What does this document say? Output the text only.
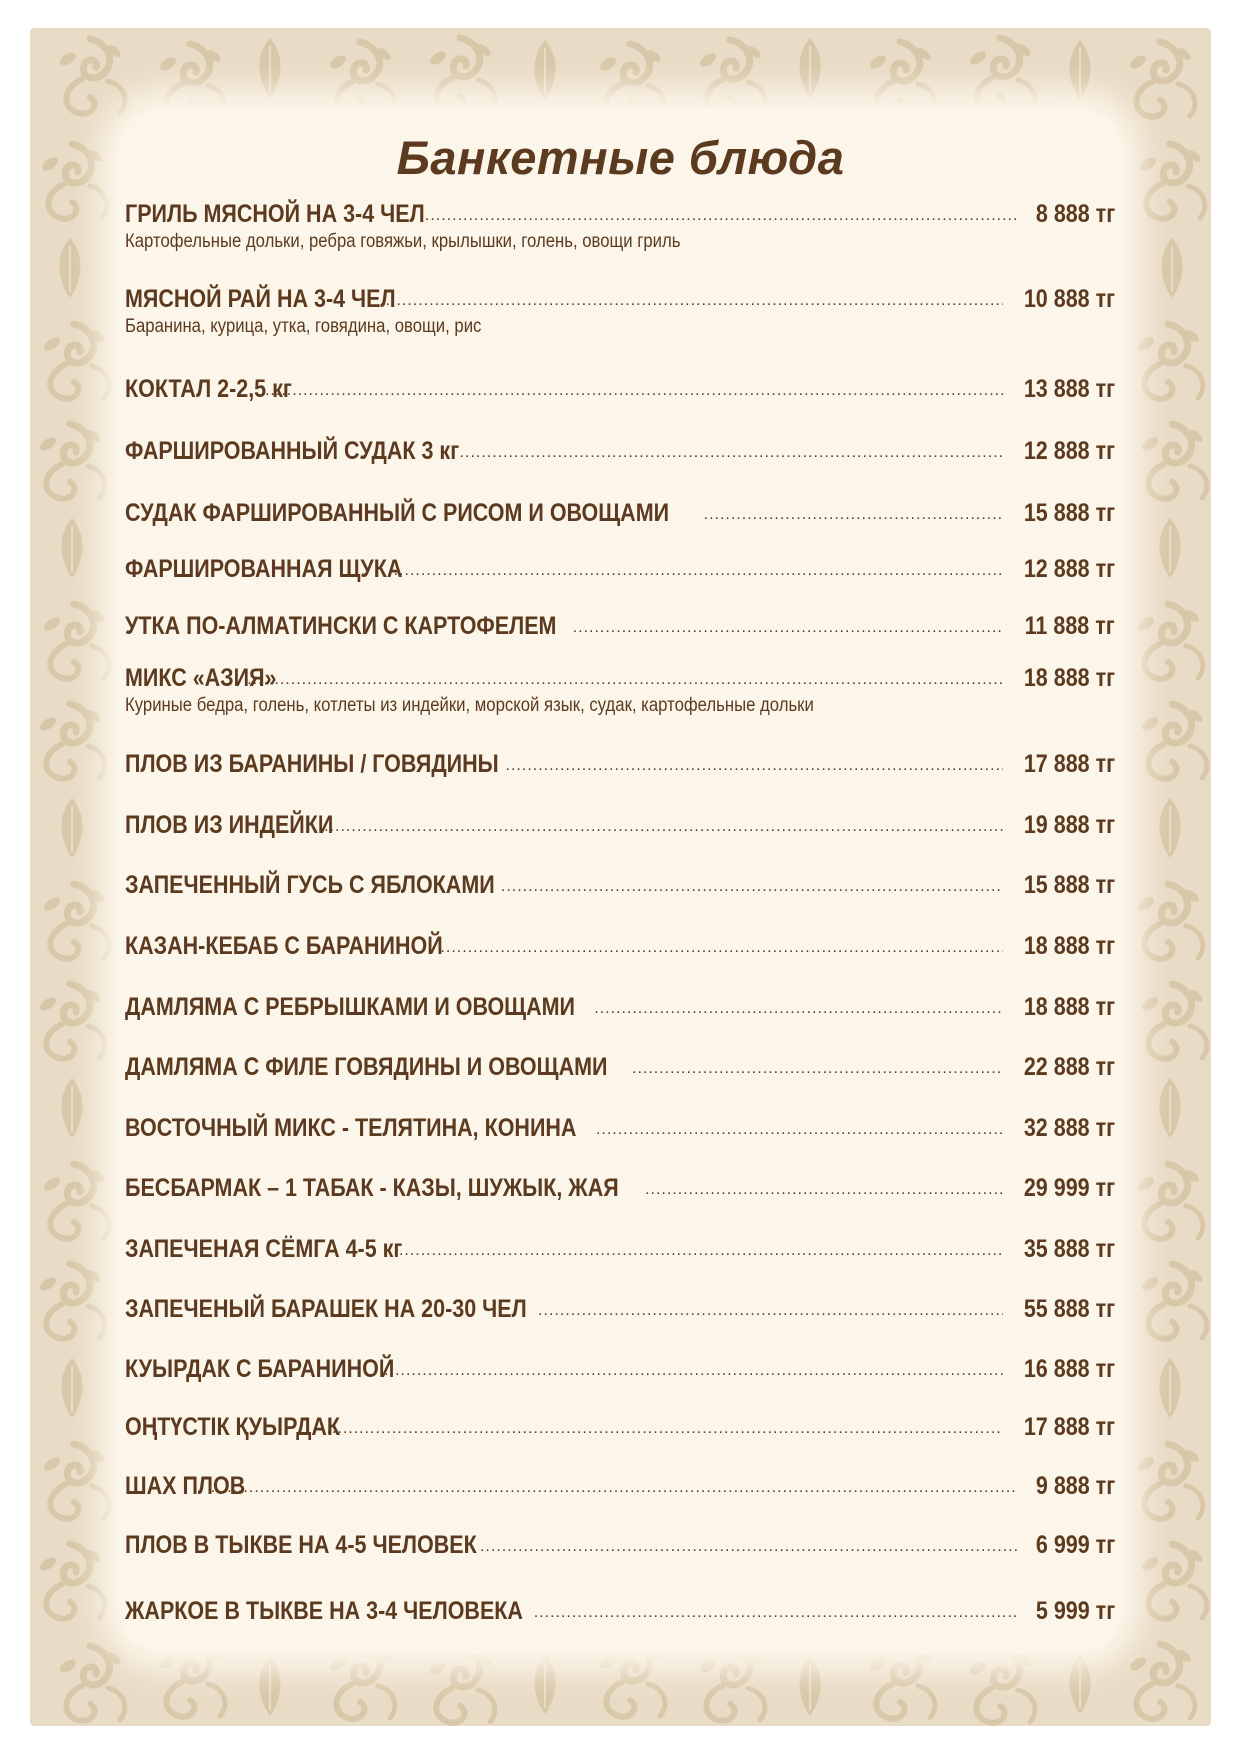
Банкетные блюда
ГРИЛЬ МЯСНОЙ НА 3-4 ЧЕЛ .....	8 888 тг
Картофельные дольки, ребра говяжьи, крылышки, голень, овощи гриль
МЯСНОЙ РАЙ НА 3-4 ЧЕЛ .....	10 888 тг
Баранина, курица, утка, говядина, овощи, рис
КОКТАЛ 2-2,5 кг .....	13 888 тг
ФАРШИРОВАННЫЙ СУДАК 3 кг .....	12 888 тг
СУДАК ФАРШИРОВАННЫЙ С РИСОМ И ОВОЩАМИ .....	15 888 тг
ФАРШИРОВАННАЯ ЩУКА .....	12 888 тг
УТКА ПО-АЛМАТИНСКИ С КАРТОФЕЛЕМ .....	11 888 тг
МИКС «АЗИЯ» .....	18 888 тг
Куриные бедра, голень, котлеты из индейки, морской язык, судак, картофельные дольки
ПЛОВ ИЗ БАРАНИНЫ / ГОВЯДИНЫ .....	17 888 тг
ПЛОВ ИЗ ИНДЕЙКИ .....	19 888 тг
ЗАПЕЧЕННЫЙ ГУСЬ С ЯБЛОКАМИ .....	15 888 тг
КАЗАН-КЕБАБ С БАРАНИНОЙ .....	18 888 тг
ДАМЛЯМА С РЕБРЫШКАМИ И ОВОЩАМИ .....	18 888 тг
ДАМЛЯМА С ФИЛЕ ГОВЯДИНЫ И ОВОЩАМИ .....	22 888 тг
ВОСТОЧНЫЙ МИКС - ТЕЛЯТИНА, КОНИНА .....	32 888 тг
БЕСБАРМАК – 1 ТАБАК - КАЗЫ, ШУЖЫК, ЖАЯ .....	29 999 тг
ЗАПЕЧЕНАЯ СЁМГА 4-5 кг .....	35 888 тг
ЗАПЕЧЕНЫЙ БАРАШЕК НА 20-30 ЧЕЛ .....	55 888 тг
КУЫРДАК С БАРАНИНОЙ .....	16 888 тг
ОҢТҮСТІК ҚУЫРДАК .....	17 888 тг
ШАХ ПЛОВ .....	9 888 тг
ПЛОВ В ТЫКВЕ НА 4-5 ЧЕЛОВЕК .....	6 999 тг
ЖАРКОЕ В ТЫКВЕ НА 3-4 ЧЕЛОВЕКА .....	5 999 тг
